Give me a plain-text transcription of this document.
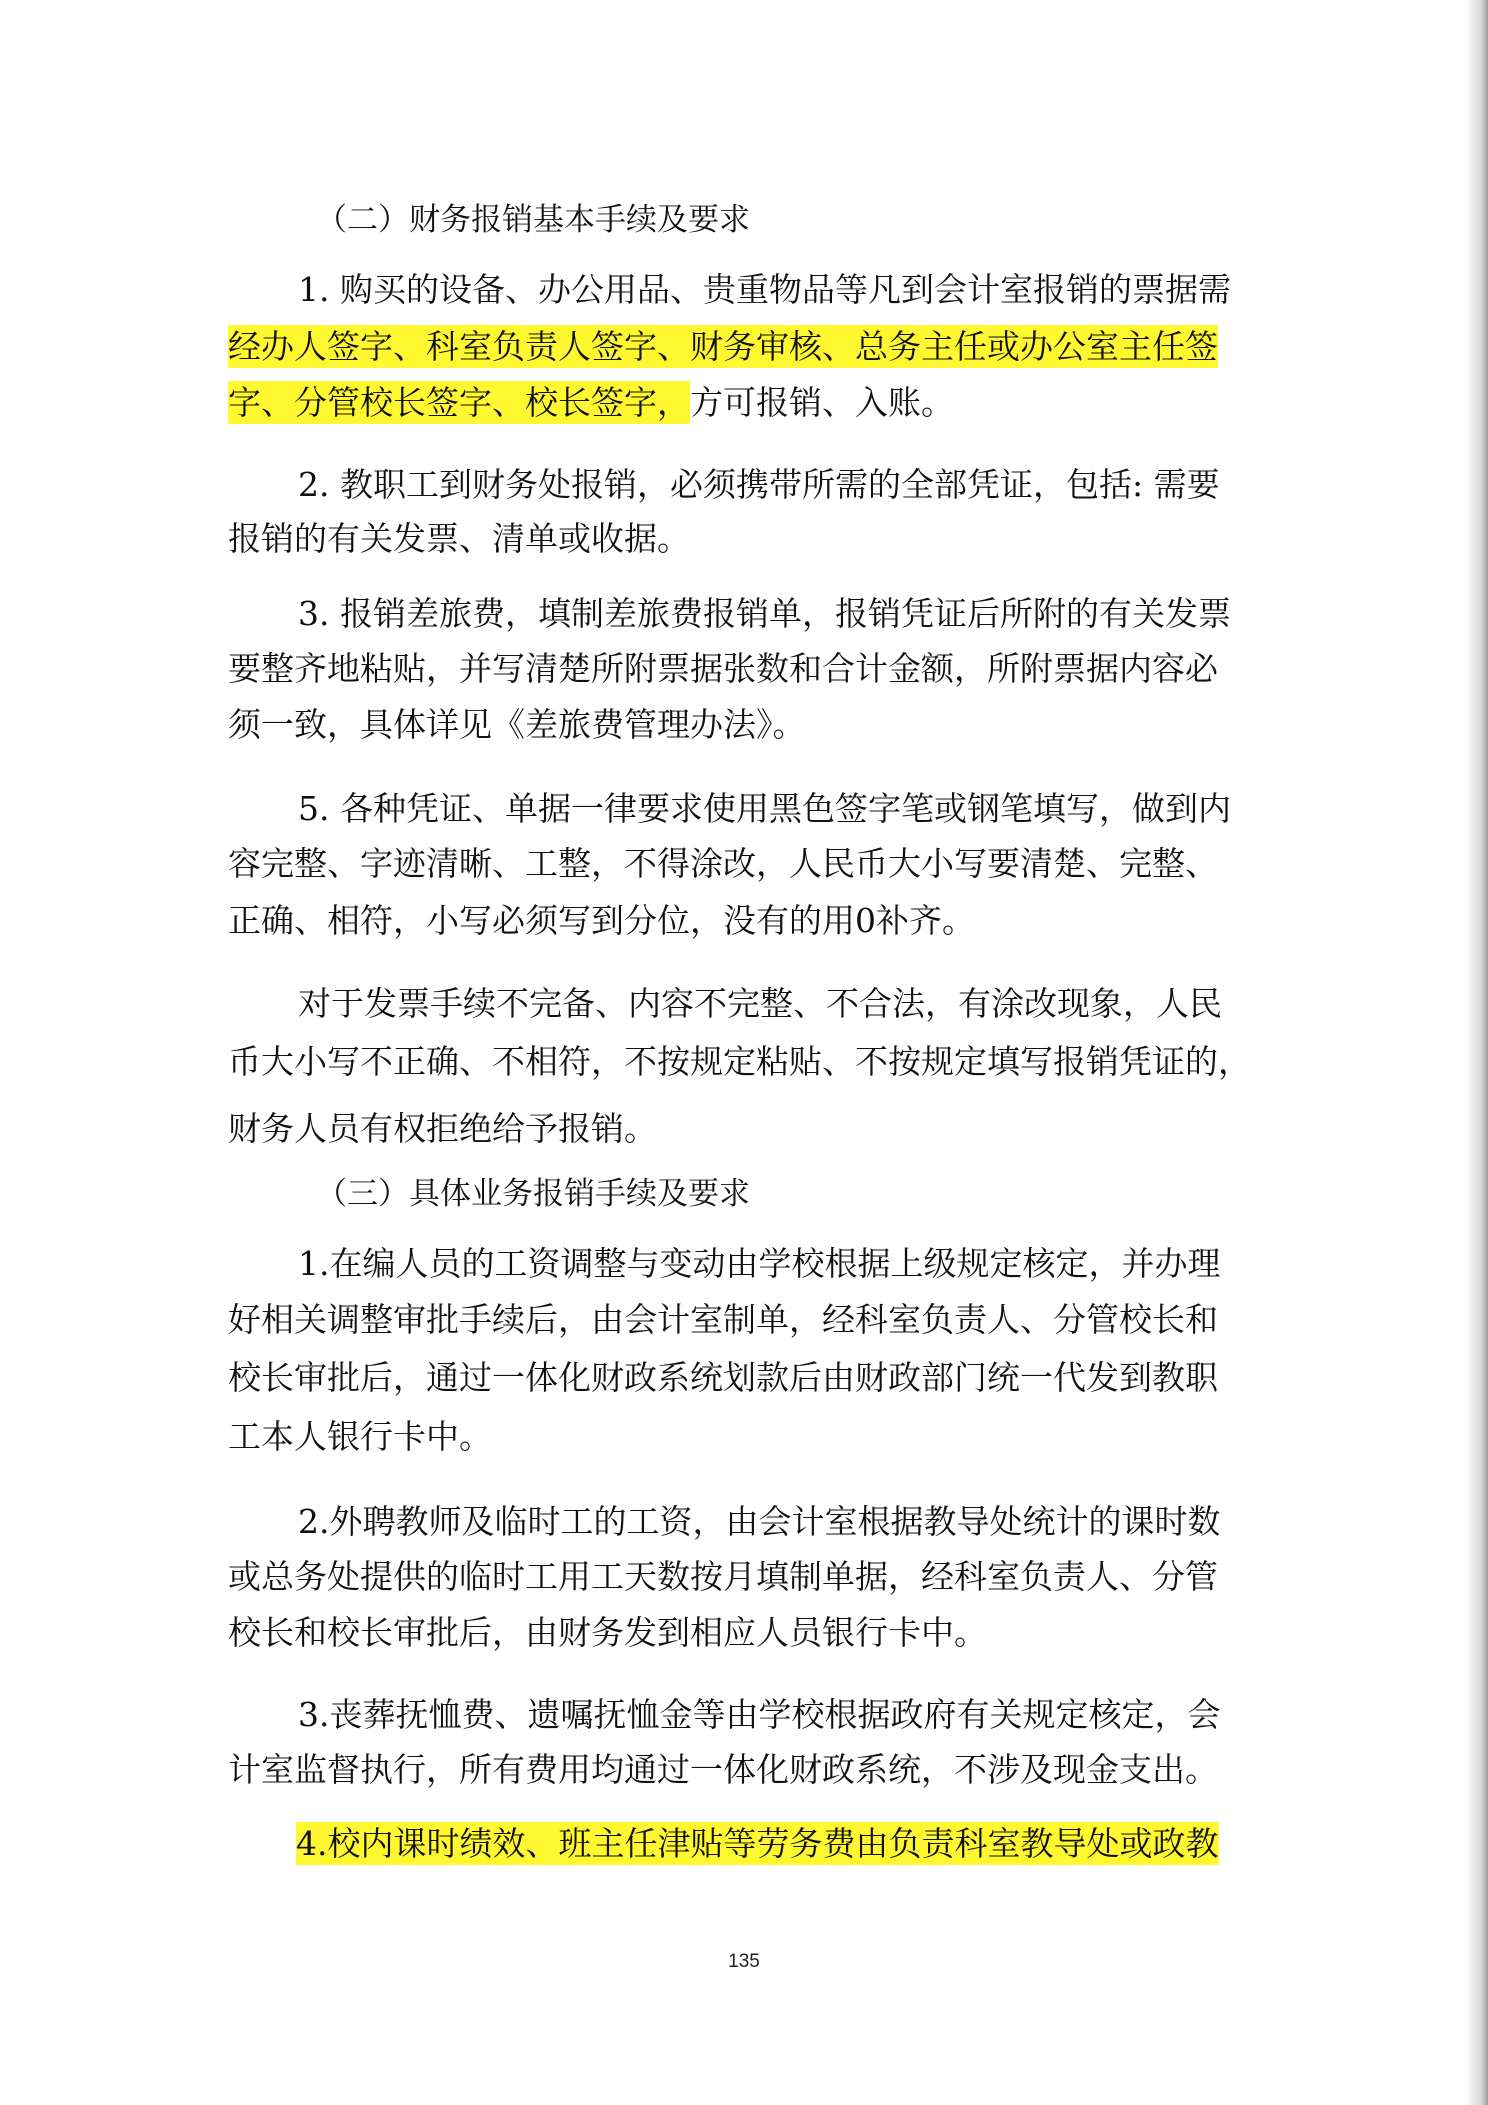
（二）财务报销基本手续及要求
1. 购买的设备、办公用品、贵重物品等凡到会计室报销的票据需
经办人签字、科室负责人签字、财务审核、总务主任或办公室主任签
字、分管校长签字、校长签字，方可报销、入账。
2. 教职工到财务处报销，必须携带所需的全部凭证，包括: 需要
报销的有关发票、清单或收据。
3. 报销差旅费，填制差旅费报销单，报销凭证后所附的有关发票
要整齐地粘贴，并写清楚所附票据张数和合计金额，所附票据内容必
须一致，具体详见《差旅费管理办法》。
5. 各种凭证、单据一律要求使用黑色签字笔或钢笔填写，做到内
容完整、字迹清晰、工整，不得涂改，人民币大小写要清楚、完整、
正确、相符，小写必须写到分位，没有的用0补齐。
对于发票手续不完备、内容不完整、不合法，有涂改现象，人民
币大小写不正确、不相符，不按规定粘贴、不按规定填写报销凭证的，
财务人员有权拒绝给予报销。
（三）具体业务报销手续及要求
1.在编人员的工资调整与变动由学校根据上级规定核定，并办理
好相关调整审批手续后，由会计室制单，经科室负责人、分管校长和
校长审批后，通过一体化财政系统划款后由财政部门统一代发到教职
工本人银行卡中。
2.外聘教师及临时工的工资，由会计室根据教导处统计的课时数
或总务处提供的临时工用工天数按月填制单据，经科室负责人、分管
校长和校长审批后，由财务发到相应人员银行卡中。
3.丧葬抚恤费、遗嘱抚恤金等由学校根据政府有关规定核定，会
计室监督执行，所有费用均通过一体化财政系统，不涉及现金支出。
4.校内课时绩效、班主任津贴等劳务费由负责科室教导处或政教
135
